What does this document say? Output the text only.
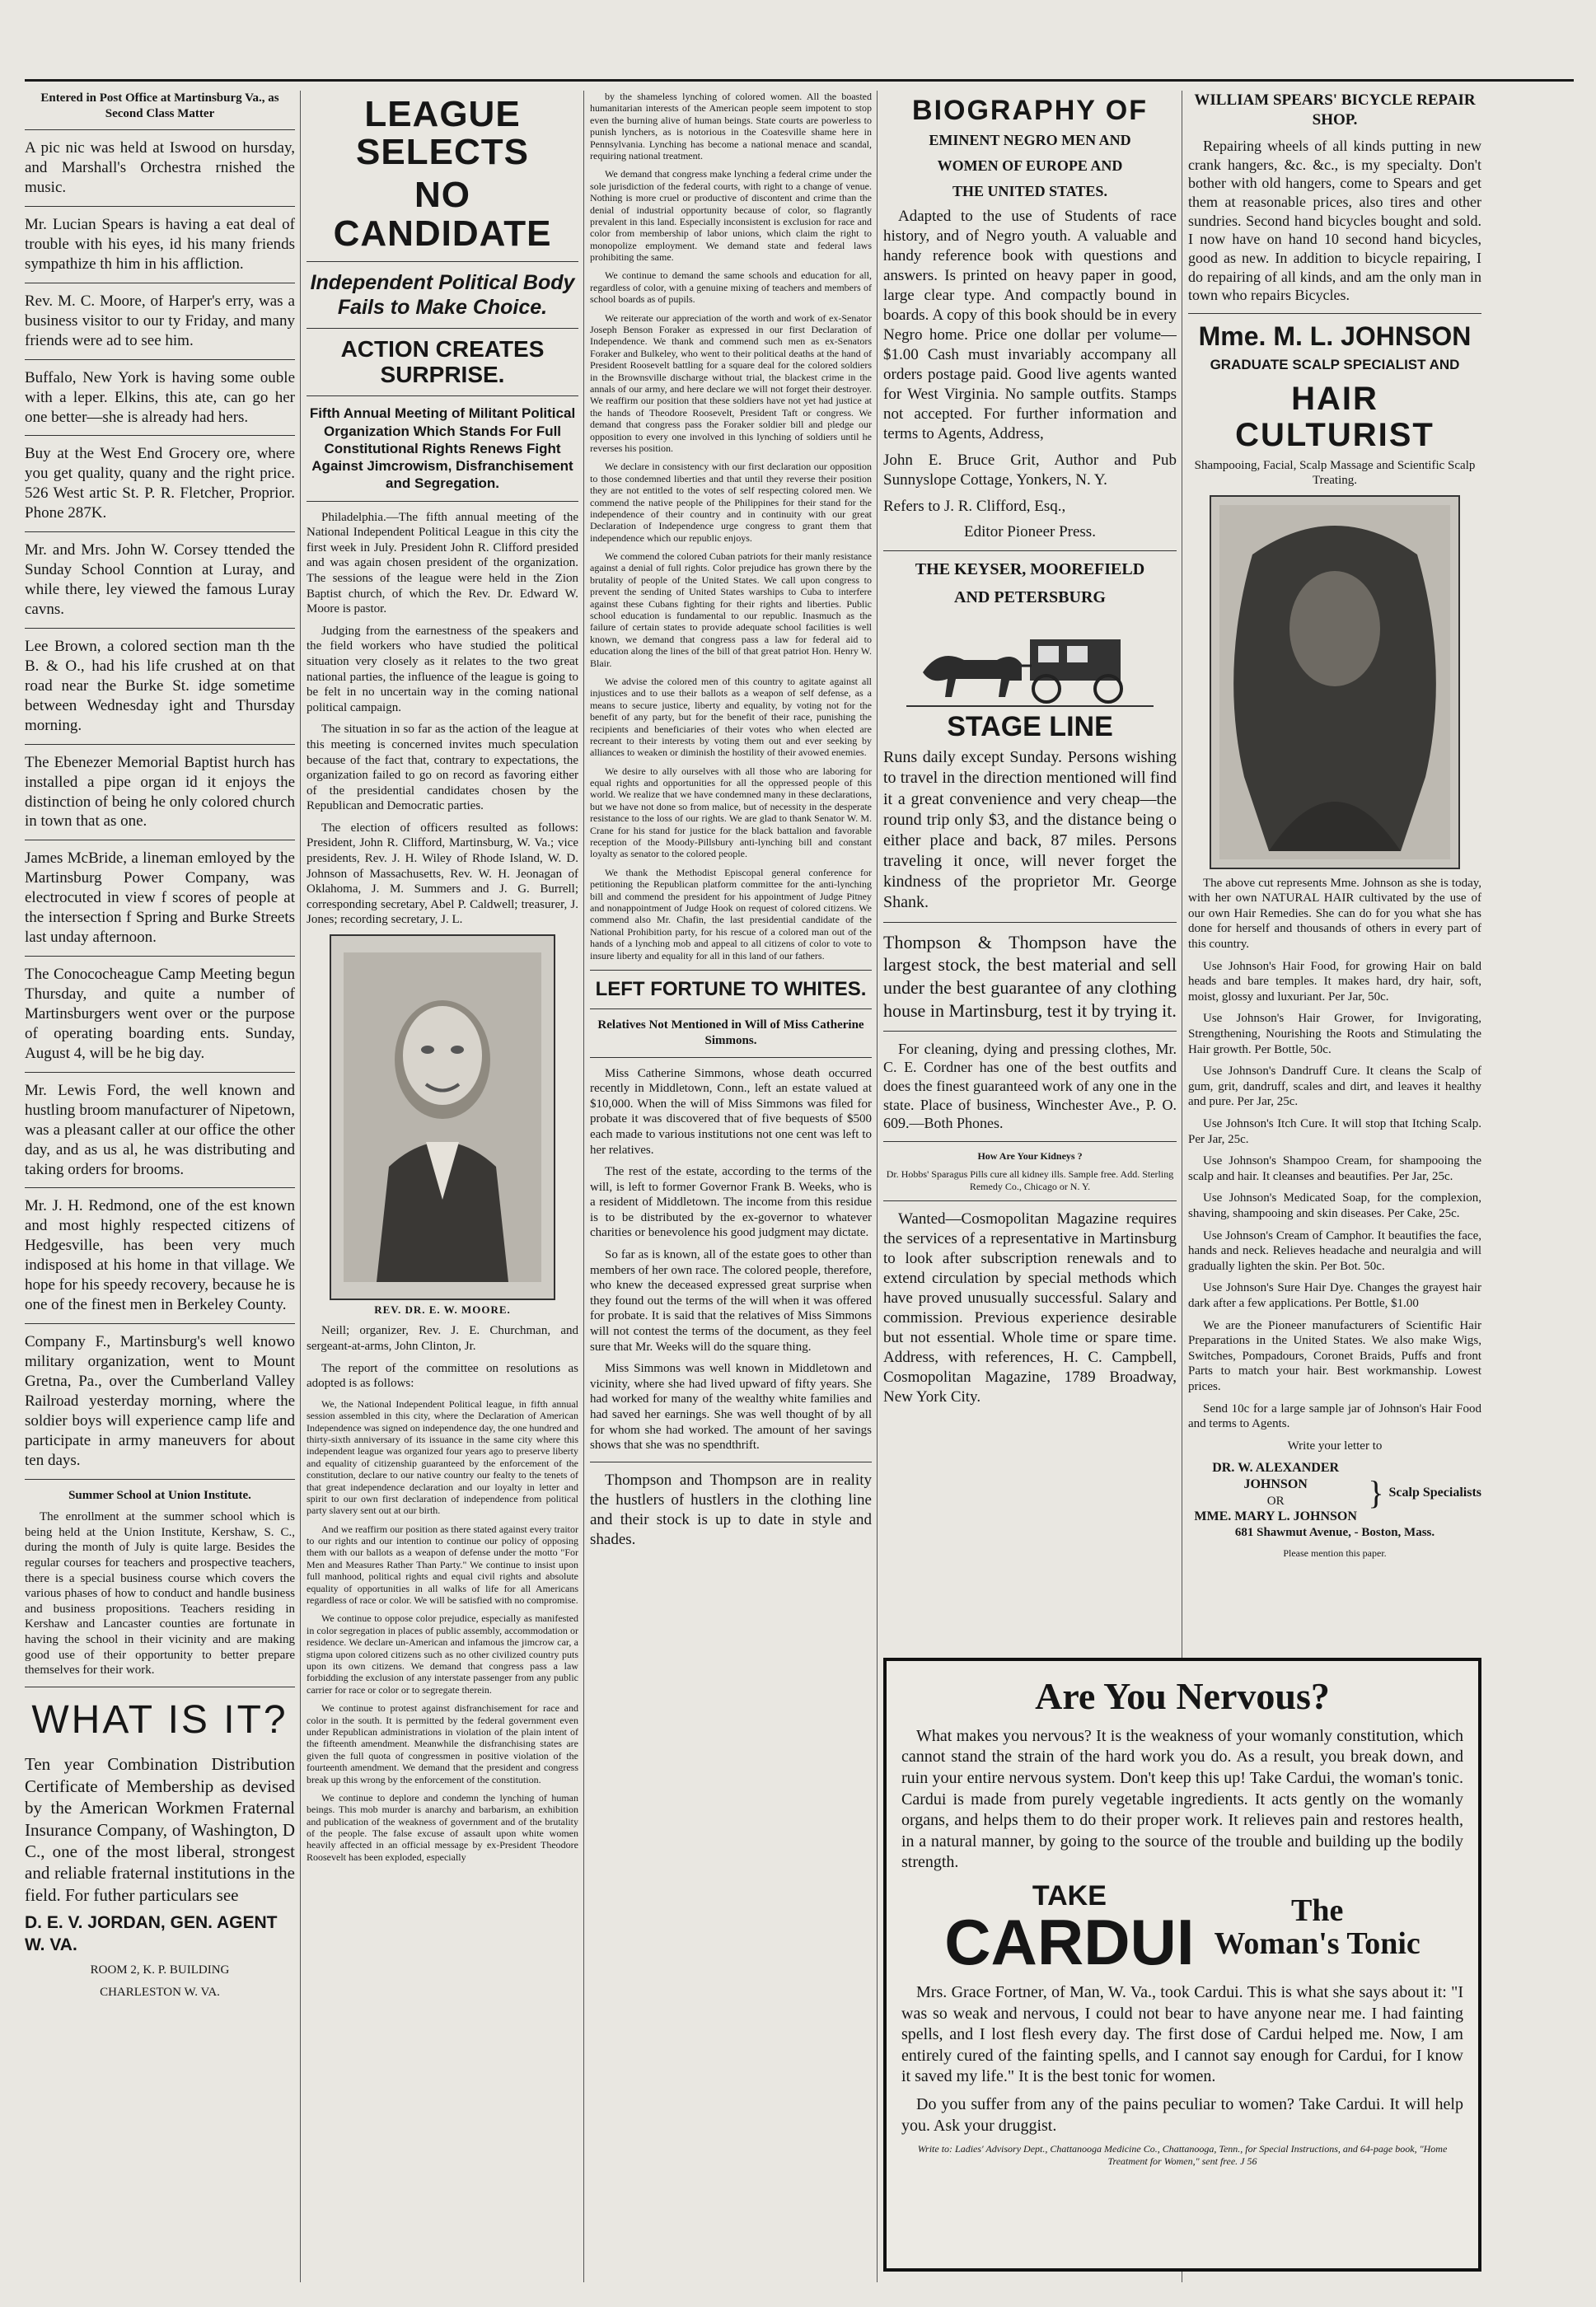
Entered in Post Office at Martinsburg Va., as Second Class Matter

A pic nic was held at Iswood on hursday, and Marshall's Orchestra rnished the music.

Mr. Lucian Spears is having a eat deal of trouble with his eyes, id his many friends sympathize th him in his affliction.

Rev. M. C. Moore, of Harper's erry, was a business visitor to our ty Friday, and many friends were ad to see him.

Buffalo, New York is having some ouble with a leper. Elkins, this ate, can go her one better—she is already had hers.

Buy at the West End Grocery ore, where you get quality, quany and the right price. 526 West artic St. P. R. Fletcher, Proprior. Phone 287K.

Mr. and Mrs. John W. Corsey ttended the Sunday School Conntion at Luray, and while there, ley viewed the famous Luray cavns.

Lee Brown, a colored section man th the B. & O., had his life crushed at on that road near the Burke St. idge sometime between Wednesday ight and Thursday morning.

The Ebenezer Memorial Baptist hurch has installed a pipe organ id it enjoys the distinction of being he only colored church in town that as one.

James McBride, a lineman emloyed by the Martinsburg Power Company, was electrocuted in view f scores of people at the intersection f Spring and Burke Streets last unday afternoon.

The Conococheague Camp Meeting begun Thursday, and quite a number of Martinsburgers went over or the purpose of operating boarding ents. Sunday, August 4, will be he big day.

Mr. Lewis Ford, the well known and hustling broom manufacturer of Nipetown, was a pleasant caller at our office the other day, and as us al, he was distributing and taking orders for brooms.

Mr. J. H. Redmond, one of the est known and most highly respected citizens of Hedgesville, has been very much indisposed at his home in that village. We hope for his speedy recovery, because he is one of the finest men in Berkeley County.

Company F., Martinsburg's well knowo military organization, went to Mount Gretna, Pa., over the Cumberland Valley Railroad yesterday morning, where the soldier boys will experience camp life and participate in army maneuvers for about ten days.

Summer School at Union Institute.

The enrollment at the summer school which is being held at the Union Institute, Kershaw, S. C., during the month of July is quite large. Besides the regular courses for teachers and prospective teachers, there is a special business course which covers the various phases of how to conduct and handle business and business propositions. Teachers residing in Kershaw and Lancaster counties are fortunate in having the school in their vicinity and are making good use of their opportunity to better prepare themselves for their work.

WHAT IS IT?

Ten year Combination Distribution Certificate of Membership as devised by the American Workmen Fraternal Insurance Company, of Washington, D C., one of the most liberal, strongest and reliable fraternal institutions in the field. For futher particulars see

D. E. V. JORDAN, GEN. AGENT W. VA.

ROOM 2, K. P. BUILDING

CHARLESTON W. VA.

LEAGUE SELECTS
NO CANDIDATE
Independent Political Body Fails to Make Choice.
ACTION CREATES SURPRISE.
Fifth Annual Meeting of Militant Political Organization Which Stands For Full Constitutional Rights Renews Fight Against Jimcrowism, Disfranchisement and Segregation.

Philadelphia.—The fifth annual meeting of the National Independent Political League in this city the first week in July. President John R. Clifford presided and was again chosen president of the organization. The sessions of the league were held in the Zion Baptist church, of which the Rev. Dr. Edward W. Moore is pastor.

Judging from the earnestness of the speakers and the field workers who have studied the political situation very closely as it relates to the two great national parties, the influence of the league is going to be felt in no uncertain way in the coming national political campaign.

The situation in so far as the action of the league at this meeting is concerned invites much speculation because of the fact that, contrary to expectations, the organization failed to go on record as favoring either of the presidential candidates chosen by the Republican and Democratic parties.

The election of officers resulted as follows: President, John R. Clifford, Martinsburg, W. Va.; vice presidents, Rev. J. H. Wiley of Rhode Island, W. D. Johnson of Massachusetts, Rev. W. H. Jeonagan of Oklahoma, J. M. Summers and J. G. Burrell; corresponding secretary, Abel P. Caldwell; treasurer, J. Jones; recording secretary, J. L.

REV. DR. E. W. MOORE.

Neill; organizer, Rev. J. E. Churchman, and sergeant-at-arms, John Clinton, Jr.

The report of the committee on resolutions as adopted is as follows:

We, the National Independent Political league, in fifth annual session assembled in this city, where the Declaration of American Independence was signed on independence day, the one hundred and thirty-sixth anniversary of its issuance in the same city where this independent league was organized four years ago to preserve liberty and equality of citizenship guaranteed by the enforcement of the constitution, declare to our native country our fealty to the tenets of that great independence declaration and our loyalty in letter and spirit to our own first declaration of independence from political party slavery sent out at our birth.

And we reaffirm our position as there stated against every traitor to our rights and our intention to continue our policy of opposing them with our ballots as a weapon of defense under the motto "For Men and Measures Rather Than Party." We continue to insist upon full manhood, political rights and equal civil rights and absolute equality of opportunities in all walks of life for all Americans regardless of race or color. We will be satisfied with no compromise.

We continue to oppose color prejudice, especially as manifested in color segregation in places of public assembly, accommodation or residence. We declare un-American and infamous the jimcrow car, a stigma upon colored citizens such as no other civilized country puts upon its own citizens. We demand that congress pass a law forbidding the exclusion of any interstate passenger from any public carrier for race or color or to segregate therein.

We continue to protest against disfranchisement for race and color in the south. It is permitted by the federal government even under Republican administrations in violation of the plain intent of the fifteenth amendment. Meanwhile the disfranchising states are given the full quota of congressmen in positive violation of the fourteenth amendment. We demand that the president and congress break up this wrong by the enforcement of the constitution.

We continue to deplore and condemn the lynching of human beings. This mob murder is anarchy and barbarism, an exhibition and publication of the weakness of government and of the brutality of the people. The false excuse of assault upon white women heavily affected in an official message by ex-President Theodore Roosevelt has been exploded, especially

by the shameless lynching of colored women. All the boasted humanitarian interests of the American people seem impotent to stop even the burning alive of human beings. State courts are powerless to punish lynchers, as is notorious in the Coatesville shame here in Pennsylvania. Lynching has become a national menace and scandal, requiring national treatment.

We demand that congress make lynching a federal crime under the sole jurisdiction of the federal courts, with right to a change of venue. Nothing is more cruel or productive of discontent and crime than the denial of industrial opportunity because of color, so flagrantly prevalent in this land. Especially inconsistent is exclusion for race and color from membership of labor unions, which claim the right to monopolize employment. We demand state and federal laws prohibiting the same.

We continue to demand the same schools and education for all, regardless of color, with a genuine mixing of teachers and members of school boards as of pupils.

We reiterate our appreciation of the worth and work of ex-Senator Joseph Benson Foraker as expressed in our first Declaration of Independence. We thank and commend such men as ex-Senators Foraker and Bulkeley, who went to their political deaths at the hand of President Roosevelt battling for a square deal for the colored soldiers in the Brownsville discharge without trial, the blackest crime in the annals of our army, and here declare we will not forget their destroyer. We reaffirm our position that these soldiers have not yet had justice at the hands of Theodore Roosevelt, President Taft or congress. We demand that congress pass the Foraker soldier bill and pledge our opposition to every one involved in this lynching of soldiers until he reverses his position.

We declare in consistency with our first declaration our opposition to those condemned liberties and that until they reverse their position they are not entitled to the votes of self respecting colored men. We commend the native people of the Philippines for their stand for the independence of their country and in continuity with our great Declaration of Independence urge congress to grant them that independence which our republic enjoys.

We commend the colored Cuban patriots for their manly resistance against a denial of full rights. Color prejudice has grown there by the brutality of people of the United States. We call upon congress to prevent the sending of United States warships to Cuba to interfere against these Cubans fighting for their rights and liberties. Public school education is fundamental to our republic. Inasmuch as the failure of certain states to provide adequate school facilities is well known, we demand that congress pass a law for federal aid to education along the lines of the bill of that great patriot Hon. Henry W. Blair.

We advise the colored men of this country to agitate against all injustices and to use their ballots as a weapon of self defense, as a means to secure justice, liberty and equality, by voting not for the benefit of any party, but for the benefit of their race, punishing the recipients and beneficiaries of their votes who when elected are recreant to their interests by voting them out and ever seeking by alliances to weaken or diminish the hostility of their avowed enemies.

We desire to ally ourselves with all those who are laboring for equal rights and opportunities for all the oppressed people of this world. We realize that we have condemned many in these declarations, but we have not done so from malice, but of necessity in the desperate resistance to the loss of our rights. We are glad to thank Senator W. M. Crane for his stand for justice for the black battalion and favorable reception of the Moody-Pillsbury anti-lynching bill and constant loyalty as senator to the colored people.

We thank the Methodist Episcopal general conference for petitioning the Republican platform committee for the anti-lynching bill and commend the president for his appointment of Judge Pitney and nonappointment of Judge Hook on request of colored citizens. We commend also Mr. Chafin, the last presidential candidate of the National Prohibition party, for his rescue of a colored man out of the hands of a lynching mob and appeal to all citizens of color to vote to insure liberty and equality for all in this land of our fathers.

LEFT FORTUNE TO WHITES.

Relatives Not Mentioned in Will of Miss Catherine Simmons.

Miss Catherine Simmons, whose death occurred recently in Middletown, Conn., left an estate valued at $10,000. When the will of Miss Simmons was filed for probate it was discovered that of five bequests of $500 each made to various institutions not one cent was left to her relatives.

The rest of the estate, according to the terms of the will, is left to former Governor Frank B. Weeks, who is a resident of Middletown. The income from this residue is to be distributed by the ex-governor to whatever charities or benevolence his good judgment may dictate.

So far as is known, all of the estate goes to other than members of her own race. The colored people, therefore, who knew the deceased expressed great surprise when they found out the terms of the will when it was offered for probate. It is said that the relatives of Miss Simmons will not contest the terms of the document, as they feel sure that Mr. Weeks will do the square thing.

Miss Simmons was well known in Middletown and vicinity, where she had lived upward of fifty years. She had worked for many of the wealthy white families and had saved her earnings. She was well thought of by all for whom she had worked. The amount of her savings shows that she was no spendthrift.

Thompson and Thompson are in reality the hustlers of hustlers in the clothing line and their stock is up to date in style and shades.

BIOGRAPHY OF

EMINENT NEGRO MEN AND

WOMEN OF EUROPE AND

THE UNITED STATES.

Adapted to the use of Students of race history, and of Negro youth. A valuable and handy reference book with questions and answers. Is printed on heavy paper in good, large clear type. And compactly bound in boards. A copy of this book should be in every Negro home. Price one dollar per volume—$1.00 Cash must invariably accompany all orders postage paid. Good live agents wanted for West Virginia. No sample outfits. Stamps not accepted. For further information and terms to Agents, Address,

John E. Bruce Grit, Author and Pub Sunnyslope Cottage, Yonkers, N. Y.

Refers to J. R. Clifford, Esq.,

Editor Pioneer Press.

THE KEYSER, MOOREFIELD

AND PETERSBURG

STAGE LINE

Runs daily except Sunday. Persons wishing to travel in the direction mentioned will find it a great convenience and very cheap—the round trip only $3, and the distance being o either place and back, 87 miles. Persons traveling it once, will never forget the kindness of the proprietor Mr. George Shank.

Thompson & Thompson have the largest stock, the best material and sell under the best guarantee of any clothing house in Martinsburg, test it by trying it.

For cleaning, dying and pressing clothes, Mr. C. E. Cordner has one of the best outfits and does the finest guaranteed work of any one in the state. Place of business, Winchester Ave., P. O. 609.—Both Phones.

How Are Your Kidneys ?

Dr. Hobbs' Sparagus Pills cure all kidney ills. Sample free. Add. Sterling Remedy Co., Chicago or N. Y.

Wanted—Cosmopolitan Magazine requires the services of a representative in Martinsburg to look after subscription renewals and to extend circulation by special methods which have proved unusually successful. Salary and commission. Previous experience desirable but not essential. Whole time or spare time. Address, with references, H. C. Campbell, Cosmopolitan Magazine, 1789 Broadway, New York City.

WILLIAM SPEARS' BICYCLE REPAIR SHOP.

Repairing wheels of all kinds putting in new crank hangers, &c. &c., is my specialty. Don't bother with old hangers, come to Spears and get them at reasonable prices, also tires and other sundries. Second hand bicycles bought and sold. I now have on hand 10 second hand bicycles, good as new. In addition to bicycle repairing, I do repairing of all kinds, and am the only man in town who repairs Bicycles.

Mme. M. L. JOHNSON

GRADUATE SCALP SPECIALIST AND

HAIR CULTURIST

Shampooing, Facial, Scalp Massage and Scientific Scalp Treating.

The above cut represents Mme. Johnson as she is today, with her own NATURAL HAIR cultivated by the use of our own Hair Remedies. She can do for you what she has done for herself and thousands of others in every part of this country.

Use Johnson's Hair Food, for growing Hair on bald heads and bare temples. It makes hard, dry hair, soft, moist, glossy and luxuriant. Per Jar, 50c.

Use Johnson's Hair Grower, for Invigorating, Strengthening, Nourishing the Roots and Stimulating the Hair growth. Per Bottle, 50c.

Use Johnson's Dandruff Cure. It cleans the Scalp of gum, grit, dandruff, scales and dirt, and leaves it healthy and pure. Per Jar, 25c.

Use Johnson's Itch Cure. It will stop that Itching Scalp. Per Jar, 25c.

Use Johnson's Shampoo Cream, for shampooing the scalp and hair. It cleanses and beautifies. Per Jar, 25c.

Use Johnson's Medicated Soap, for the complexion, shaving, shampooing and skin diseases. Per Cake, 25c.

Use Johnson's Cream of Camphor. It beautifies the face, hands and neck. Relieves headache and neuralgia and will gradually lighten the skin. Per Bot. 50c.

Use Johnson's Sure Hair Dye. Changes the grayest hair dark after a few applications. Per Bottle, $1.00

We are the Pioneer manufacturers of Scientific Hair Preparations in the United States. We also make Wigs, Switches, Pompadours, Coronet Braids, Puffs and front Parts to match your hair. Best workmanship. Lowest prices.

Send 10c for a large sample jar of Johnson's Hair Food and terms to Agents.

Write your letter to

DR. W. ALEXANDER JOHNSON
OR
MME. MARY L. JOHNSON
} Scalp Specialists

681 Shawmut Avenue, - Boston, Mass.

Please mention this paper.

Are You Nervous?

What makes you nervous? It is the weakness of your womanly constitution, which cannot stand the strain of the hard work you do. As a result, you break down, and ruin your entire nervous system. Don't keep this up! Take Cardui, the woman's tonic. Cardui is made from purely vegetable ingredients. It acts gently on the womanly organs, and helps them to do their proper work. It relieves pain and restores health, in a natural manner, by going to the source of the trouble and building up the bodily strength.

TAKE
CARDUI	The
Woman's Tonic

Mrs. Grace Fortner, of Man, W. Va., took Cardui. This is what she says about it: "I was so weak and nervous, I could not bear to have anyone near me. I had fainting spells, and I lost flesh every day. The first dose of Cardui helped me. Now, I am entirely cured of the fainting spells, and I cannot say enough for Cardui, for I know it saved my life." It is the best tonic for women.

Do you suffer from any of the pains peculiar to women? Take Cardui. It will help you. Ask your druggist.

Write to: Ladies' Advisory Dept., Chattanooga Medicine Co., Chattanooga, Tenn., for Special Instructions, and 64-page book, "Home Treatment for Women," sent free. J 56
